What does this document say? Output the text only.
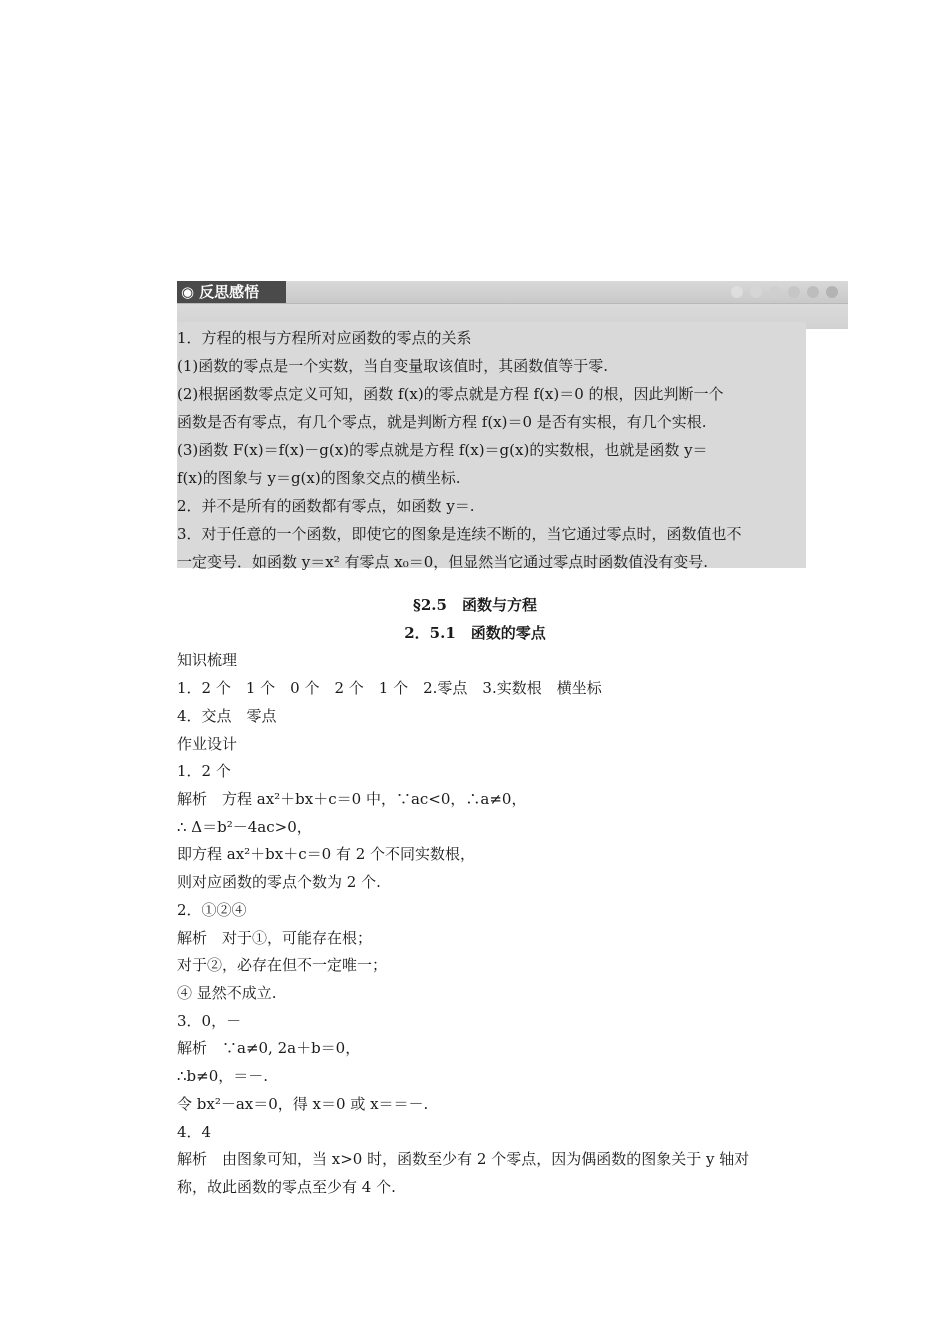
◉ 反思感悟
1．方程的根与方程所对应函数的零点的关系
(1)函数的零点是一个实数，当自变量取该值时，其函数值等于零.
(2)根据函数零点定义可知，函数 f(x)的零点就是方程 f(x)＝0 的根，因此判断一个
函数是否有零点，有几个零点，就是判断方程 f(x)＝0 是否有实根，有几个实根.
(3)函数 F(x)＝f(x)－g(x)的零点就是方程 f(x)＝g(x)的实数根，也就是函数 y＝
f(x)的图象与 y＝g(x)的图象交点的横坐标.
2．并不是所有的函数都有零点，如函数 y＝.
3．对于任意的一个函数，即使它的图象是连续不断的，当它通过零点时，函数值也不
一定变号．如函数 y＝x² 有零点 x₀＝0，但显然当它通过零点时函数值没有变号.
§2.5　函数与方程
2．5.1　函数的零点
知识梳理
1．2 个　1 个　0 个　2 个　1 个　2.零点　3.实数根　横坐标
4．交点　零点
作业设计
1．2 个
解析　方程 ax²＋bx＋c＝0 中，∵ac<0，∴a≠0，
∴ Δ＝b²－4ac>0，
即方程 ax²＋bx＋c＝0 有 2 个不同实数根，
则对应函数的零点个数为 2 个.
2．①②④
解析　对于①，可能存在根；
对于②，必存在但不一定唯一；
④ 显然不成立.
3．0，－
解析　∵a≠0, 2a＋b＝0，
∴b≠0，＝－.
令 bx²－ax＝0，得 x＝0 或 x＝＝－.
4．4
解析　由图象可知，当 x>0 时，函数至少有 2 个零点，因为偶函数的图象关于 y 轴对
称，故此函数的零点至少有 4 个.
